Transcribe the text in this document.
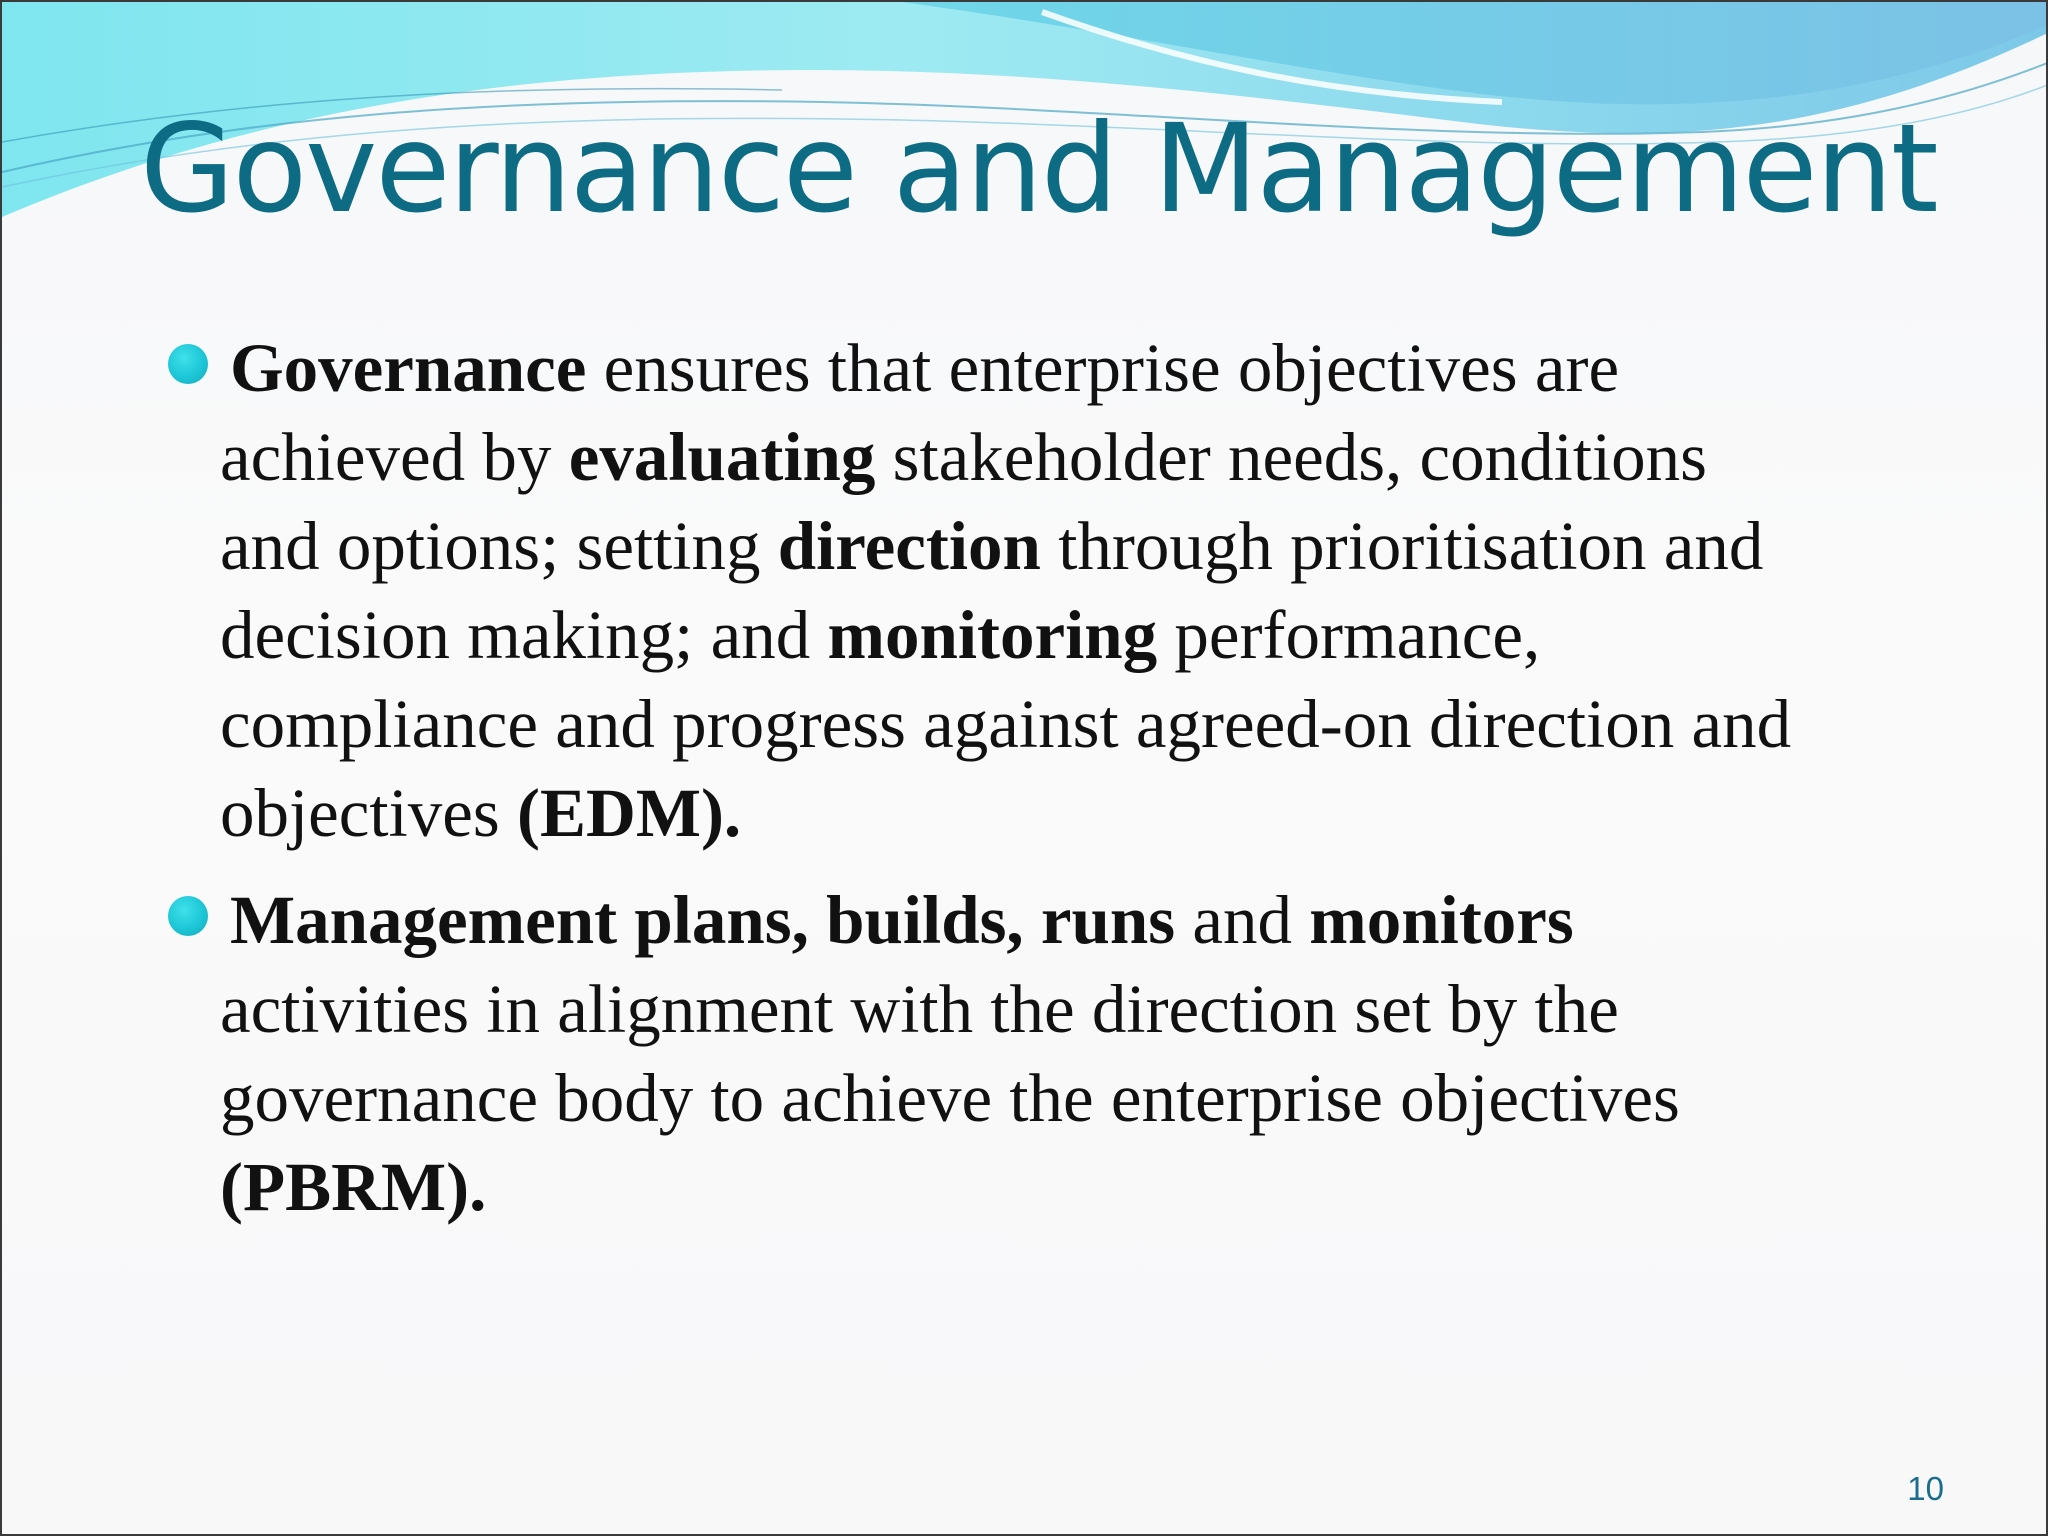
Governance and Management
Governance ensures that enterprise objectives are
achieved by evaluating stakeholder needs, conditions
and options; setting direction through prioritisation and
decision making; and monitoring performance,
compliance and progress against agreed-on direction and
objectives (EDM).
Management plans, builds, runs and monitors
activities in alignment with the direction set by the
governance body to achieve the enterprise objectives
(PBRM).
10
